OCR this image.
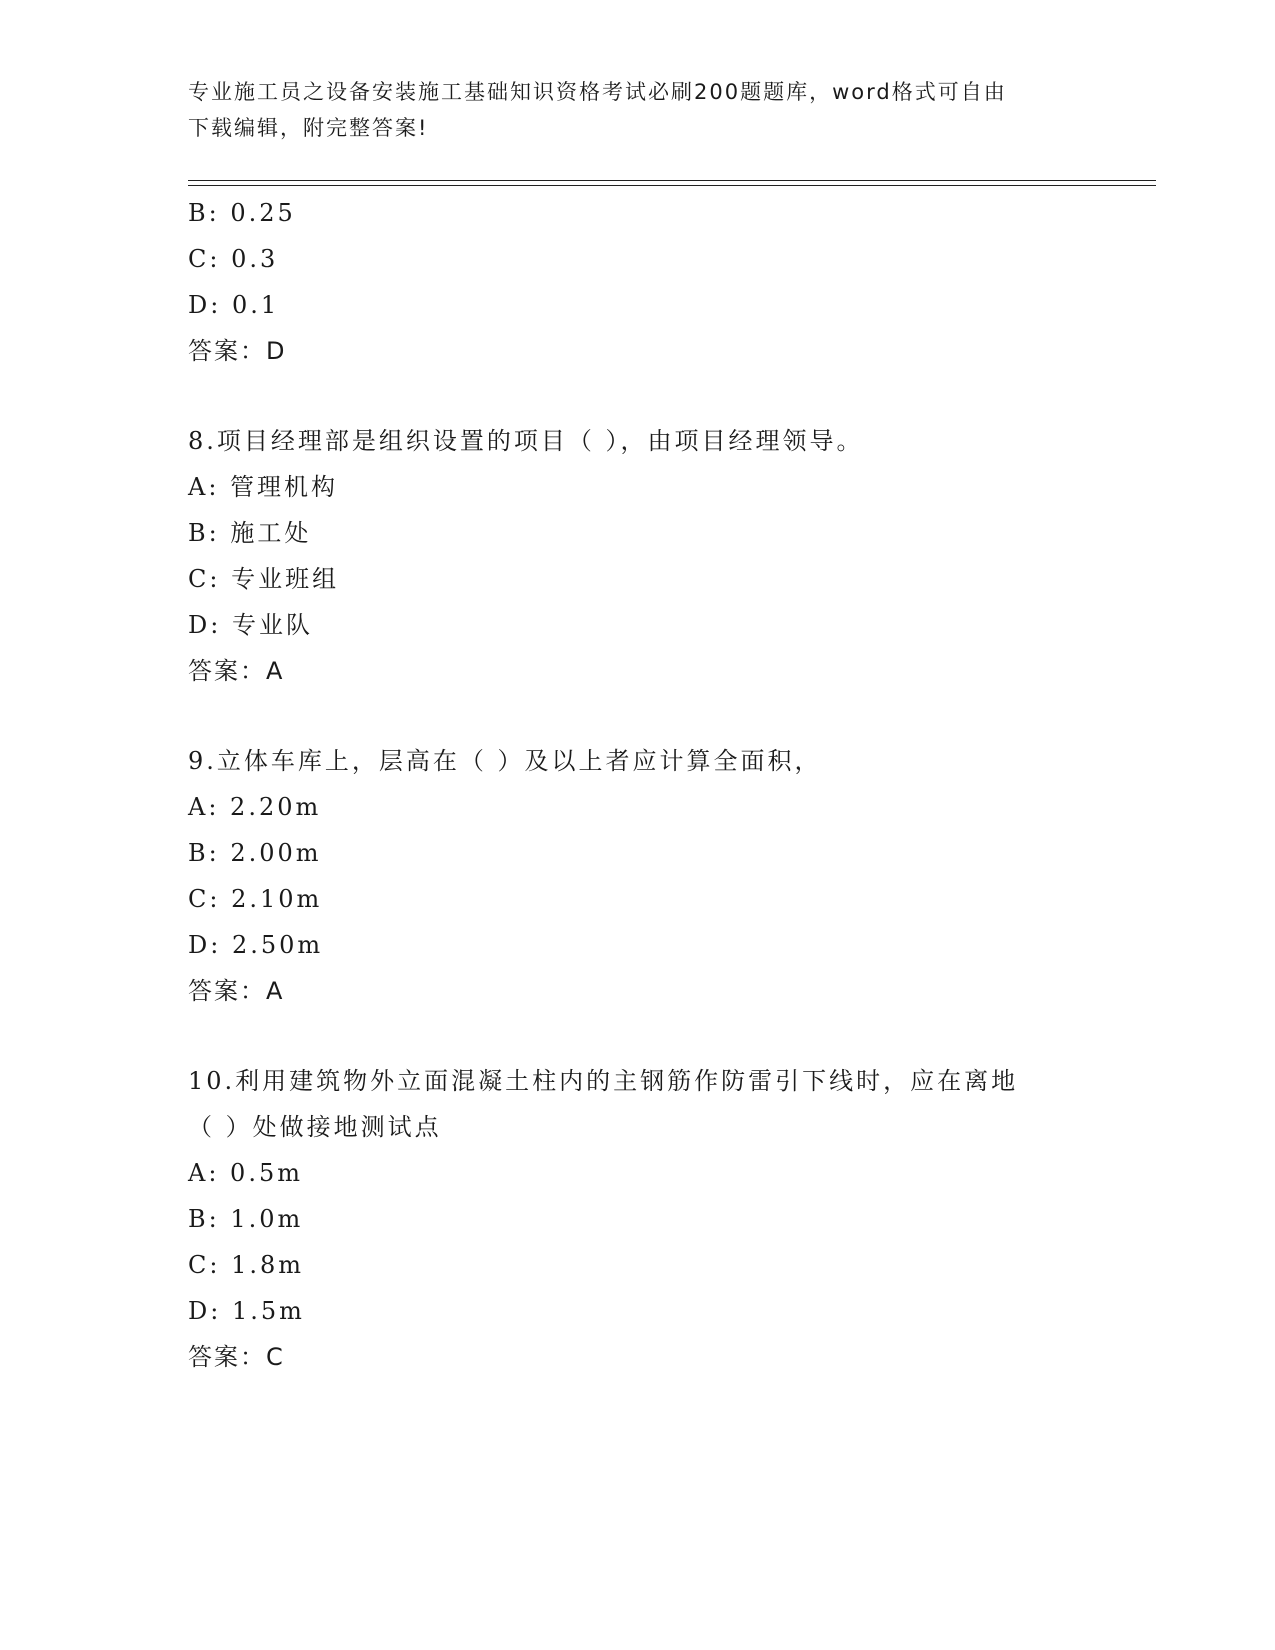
专业施工员之设备安装施工基础知识资格考试必刷200题题库，word格式可自由
下载编辑，附完整答案!
B: 0.25
C: 0.3
D: 0.1
答案：D
8.项目经理部是组织设置的项目（ ），由项目经理领导。
A: 管理机构
B: 施工处
C: 专业班组
D: 专业队
答案：A
9.立体车库上，层高在（ ）及以上者应计算全面积，
A: 2.20m
B: 2.00m
C: 2.10m
D: 2.50m
答案：A
10.利用建筑物外立面混凝土柱内的主钢筋作防雷引下线时，应在离地
（ ）处做接地测试点
A: 0.5m
B: 1.0m
C: 1.8m
D: 1.5m
答案：C
